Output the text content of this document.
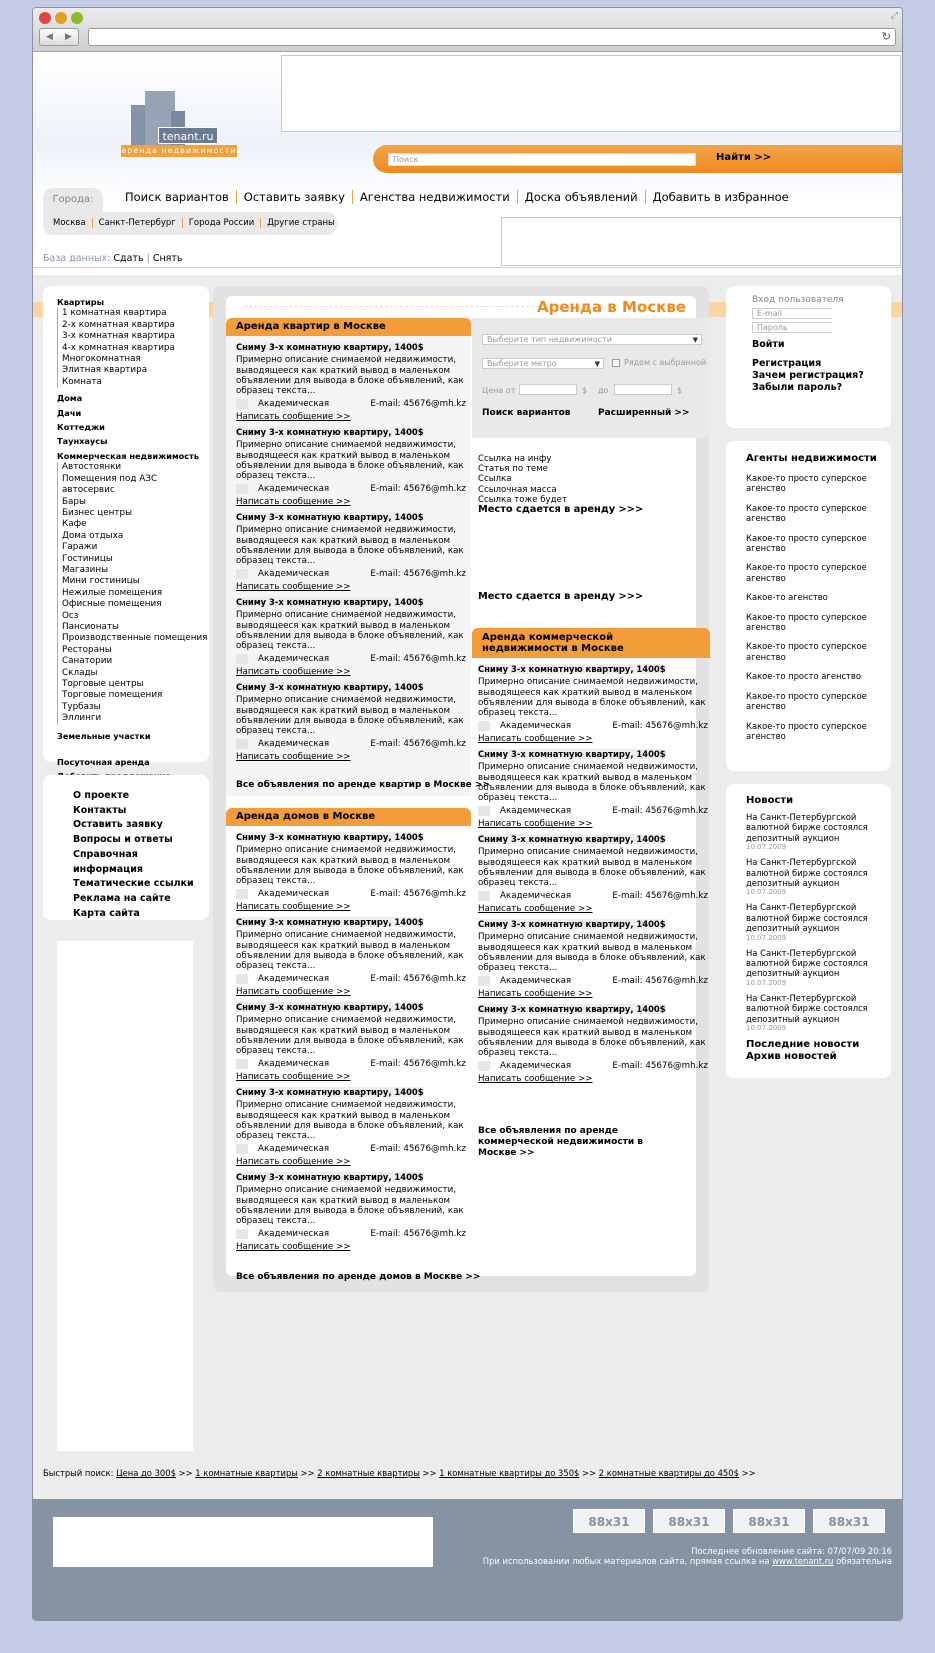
⤢
◀	▶	↻
tenant.ru
аренда недвижимости
Поиск	Найти >>
Города:	Поиск вариантов Оставить заявку Агенства недвижимости Доска объявлений Добавить в избранное
Москва Санкт-Петербург Города России Другие страны
База данных: Сдать | Снять
Квартиры
1 комнатная квартира
2-х комнатная квартира
3-х комнатная квартира
4-х комнатная квартира
Многокомнатная
Элитная квартира
Комната
Дома
Дачи
Коттеджи
Таунхаусы
Коммерческая недвижимость
Автостоянки
Помещения под АЗС автосервис
Бары
Бизнес центры
Кафе
Дома отдыха
Гаражи
Гостиницы
Магазины
Мини гостиницы
Нежилые помещения
Офисные помещения
Осз
Пансионаты
Производственные помещения
Рестораны
Санатории
Склады
Торговые центры
Торговые помещения
Турбазы
Эллинги
Земельные участки
Посуточная аренда
О проекте
Контакты
Оставить заявку
Вопросы и ответы
Справочная информация
Тематические ссылки
Реклама на сайте
Карта сайта
Аренда в Москве
Аренда квартир в Москве
Сниму 3-х комнатную квартиру, 1400$
Примерно описание снимаемой недвижимости, выводящееся как краткий вывод в маленьком объявлении для вывода в блоке объявлений, как образец текста...
Академическая	E-mail: 45676@mh.kz
Написать сообщение >>
Сниму 3-х комнатную квартиру, 1400$
Примерно описание снимаемой недвижимости, выводящееся как краткий вывод в маленьком объявлении для вывода в блоке объявлений, как образец текста...
Академическая	E-mail: 45676@mh.kz
Написать сообщение >>
Сниму 3-х комнатную квартиру, 1400$
Примерно описание снимаемой недвижимости, выводящееся как краткий вывод в маленьком объявлении для вывода в блоке объявлений, как образец текста...
Академическая	E-mail: 45676@mh.kz
Написать сообщение >>
Сниму 3-х комнатную квартиру, 1400$
Примерно описание снимаемой недвижимости, выводящееся как краткий вывод в маленьком объявлении для вывода в блоке объявлений, как образец текста...
Академическая	E-mail: 45676@mh.kz
Написать сообщение >>
Сниму 3-х комнатную квартиру, 1400$
Примерно описание снимаемой недвижимости, выводящееся как краткий вывод в маленьком объявлении для вывода в блоке объявлений, как образец текста...
Академическая	E-mail: 45676@mh.kz
Написать сообщение >>
Все объявления по аренде квартир в Москве >>
Аренда домов в Москве
Сниму 3-х комнатную квартиру, 1400$
Примерно описание снимаемой недвижимости, выводящееся как краткий вывод в маленьком объявлении для вывода в блоке объявлений, как образец текста...
Академическая	E-mail: 45676@mh.kz
Написать сообщение >>
Сниму 3-х комнатную квартиру, 1400$
Примерно описание снимаемой недвижимости, выводящееся как краткий вывод в маленьком объявлении для вывода в блоке объявлений, как образец текста...
Академическая	E-mail: 45676@mh.kz
Написать сообщение >>
Сниму 3-х комнатную квартиру, 1400$
Примерно описание снимаемой недвижимости, выводящееся как краткий вывод в маленьком объявлении для вывода в блоке объявлений, как образец текста...
Академическая	E-mail: 45676@mh.kz
Написать сообщение >>
Сниму 3-х комнатную квартиру, 1400$
Примерно описание снимаемой недвижимости, выводящееся как краткий вывод в маленьком объявлении для вывода в блоке объявлений, как образец текста...
Академическая	E-mail: 45676@mh.kz
Написать сообщение >>
Сниму 3-х комнатную квартиру, 1400$
Примерно описание снимаемой недвижимости, выводящееся как краткий вывод в маленьком объявлении для вывода в блоке объявлений, как образец текста...
Академическая	E-mail: 45676@mh.kz
Написать сообщение >>
Все объявления по аренде домов в Москве >>
Выберите тип недвижимости	▼
Выберите метро	▼	Рядом с выбранной
Цена от	$ до	$
Поиск вариантов	Расширенный >>
Ссылка на инфу
Статья по теме
Ссылка
Ссылочная масса
Ссылка тоже будет
Место сдается в аренду >>>
Место сдается в аренду >>>
Аренда коммерческой недвижимости в Москве
Сниму 3-х комнатную квартиру, 1400$
Примерно описание снимаемой недвижимости, выводящееся как краткий вывод в маленьком объявлении для вывода в блоке объявлений, как образец текста...
Академическая	E-mail: 45676@mh.kz
Написать сообщение >>
Сниму 3-х комнатную квартиру, 1400$
Примерно описание снимаемой недвижимости, выводящееся как краткий вывод в маленьком объявлении для вывода в блоке объявлений, как образец текста...
Академическая	E-mail: 45676@mh.kz
Написать сообщение >>
Сниму 3-х комнатную квартиру, 1400$
Примерно описание снимаемой недвижимости, выводящееся как краткий вывод в маленьком объявлении для вывода в блоке объявлений, как образец текста...
Академическая	E-mail: 45676@mh.kz
Написать сообщение >>
Сниму 3-х комнатную квартиру, 1400$
Примерно описание снимаемой недвижимости, выводящееся как краткий вывод в маленьком объявлении для вывода в блоке объявлений, как образец текста...
Академическая	E-mail: 45676@mh.kz
Написать сообщение >>
Сниму 3-х комнатную квартиру, 1400$
Примерно описание снимаемой недвижимости, выводящееся как краткий вывод в маленьком объявлении для вывода в блоке объявлений, как образец текста...
Академическая	E-mail: 45676@mh.kz
Написать сообщение >>
Все объявления по аренде коммерческой недвижимости в Москве >>
Вход пользователя
E-mail
Пароль
Войти
Регистрация
Зачем регистрация?
Забыли пароль?
Агенты недвижимости
Какое-то просто суперское агенство
Какое-то просто суперское агенство
Какое-то просто суперское агенство
Какое-то просто суперское агенство
Какое-то агенство
Какое-то просто суперское агенство
Какое-то просто суперское агенство
Какое-то просто агенство
Какое-то просто суперское агенство
Какое-то просто суперское агенство
Новости
На Санкт-Петербургской валютной бирже состоялся депозитный аукцион
10.07.2009
На Санкт-Петербургской валютной бирже состоялся депозитный аукцион
10.07.2009
На Санкт-Петербургской валютной бирже состоялся депозитный аукцион
10.07.2009
На Санкт-Петербургской валютной бирже состоялся депозитный аукцион
10.07.2009
На Санкт-Петербургской валютной бирже состоялся депозитный аукцион
10.07.2009
Последние новости
Архив новостей
Быстрый поиск: Цена до 300$ >> 1 комнатные квартиры >> 2 комнатные квартиры >> 1 комнатные квартиры до 350$ >> 2 комнатные квартиры до 450$ >>
88x31	88x31	88x31	88x31
Последнее обновление сайта: 07/07/09 20:16
При использовании любых материалов сайта, прямая ссылка на www.tenant.ru обязательна
